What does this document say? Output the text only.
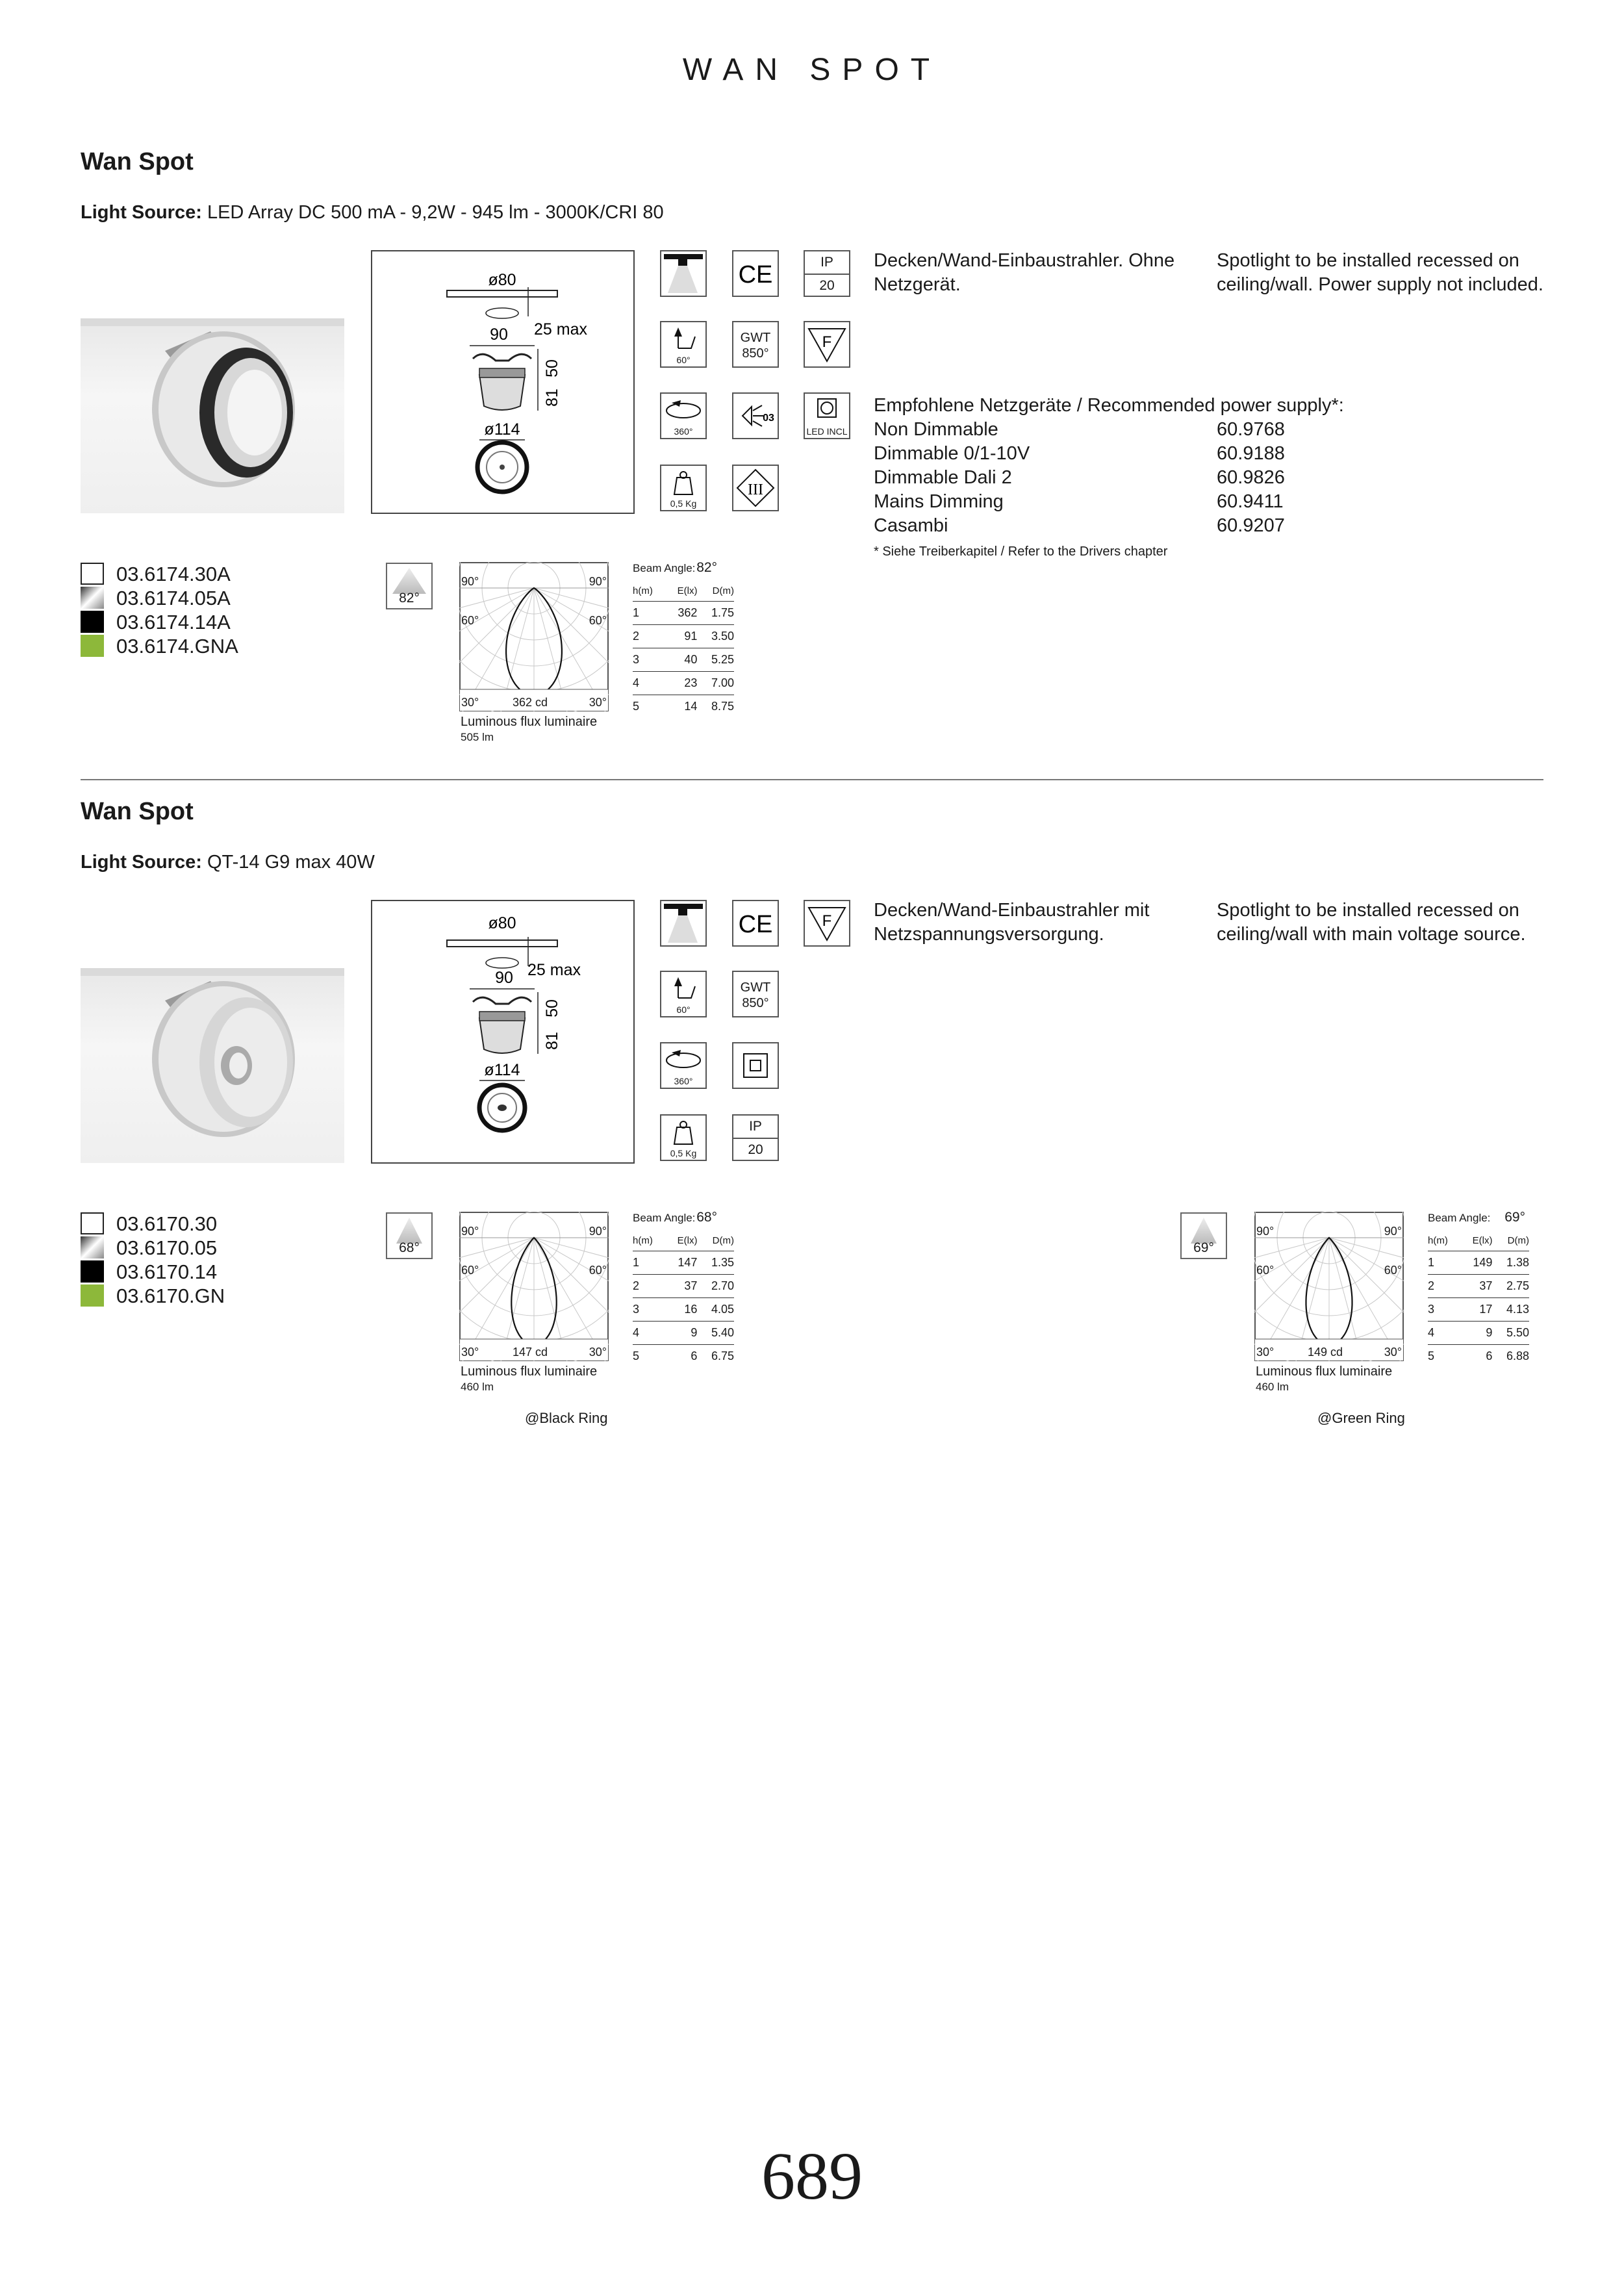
WAN SPOT
Wan Spot
Light Source: LED Array DC 500 mA - 9,2W - 945 lm - 3000K/CRI 80
ø80
90 25 max
50
81
ø114
60°
360°
0,5 Kg
CE
GWT
850°
03
III
IP
20
F
LED INCL
Decken/Wand-Einbaustrahler. Ohne Netzgerät.
Spotlight to be installed recessed on ceiling/wall. Power supply not included.
Empfohlene Netzgeräte / Recommended power supply*:
Non Dimmable	60.9768
Dimmable 0/1-10V	60.9188
Dimmable Dali 2	60.9826
Mains Dimming	60.9411
Casambi	60.9207
* Siehe Treiberkapitel / Refer to the Drivers chapter
03.6174.30A
03.6174.05A
03.6174.14A
03.6174.GNA
82°
90°	90°
60°	60°
30°	30°
362 cd
Luminous flux luminaire
505 lm
Beam Angle: 82°
h(m)	E(lx)	D(m)
1	362	1.75
2	91	3.50
3	40	5.25
4	23	7.00
5	14	8.75
Wan Spot
Light Source: QT-14 G9 max 40W
ø80
90 25 max
50
81
ø114
60°
360°
0,5 Kg
CE
GWT
850°
IP
20
F
Decken/Wand-Einbaustrahler mit Netzspannungsversorgung.
Spotlight to be installed recessed on ceiling/wall with main voltage source.
03.6170.30
03.6170.05
03.6170.14
03.6170.GN
68°
90°	90°
60°	60°
30°	30°
147 cd
Luminous flux luminaire
460 lm
@Black Ring
Beam Angle: 68°
h(m)	E(lx)	D(m)
1	147	1.35
2	37	2.70
3	16	4.05
4	9	5.40
5	6	6.75
69°
90°	90°
60°	60°
30°	30°
149 cd
Luminous flux luminaire
460 lm
@Green Ring
Beam Angle: 69°
h(m)	E(lx)	D(m)
1	149	1.38
2	37	2.75
3	17	4.13
4	9	5.50
5	6	6.88
689
